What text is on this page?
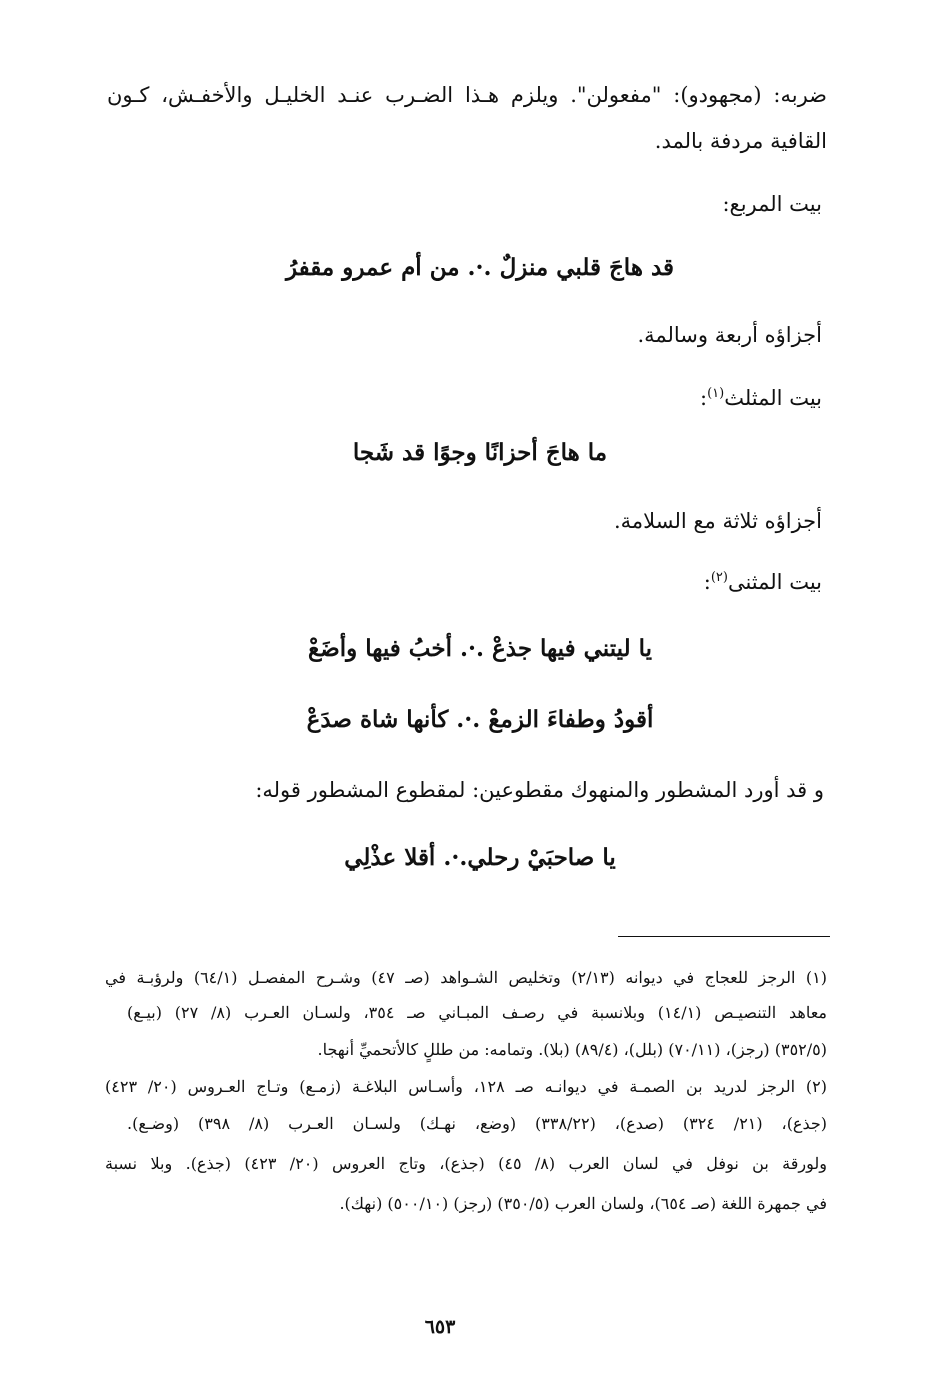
ضربه: (مجهودو): "مفعولن". ويلزم هـذا الضـرب عنـد الخليـل والأخفـش، كـون
القافية مردفة بالمد.
بيت المربع:
قد هاجَ قلبي منزلٌ .·. من أم عمرو مقفرُ
أجزاؤه أربعة وسالمة.
بيت المثلث$^{(١)}$:
ما هاجَ أحزانًا وجوًا قد شَجا
أجزاؤه ثلاثة مع السلامة.
بيت المثنى$^{(٢)}$:
يا ليتني فيها جذعْ .·. أخبُ فيها وأضَعْ
أقودُ وطفاءَ الزمعْ .·. كأنها شاة صدَعْ
و قد أورد المشطور والمنهوك مقطوعين: لمقطوع المشطور قوله:
يا صاحبَيْ رحلي.·. أقلا عذْلِي
(١) الرجز للعجاج في ديوانه (٢/١٣) وتخليص الشـواهد (صـ ٤٧) وشـرح المفصـل (٦٤/١) ولرؤبـة في
معاهد التنصيـص (١٤/١) وبلانسبة في رصـف المبـاني صـ ٣٥٤، ولسـان العـرب (٨/ ٢٧) (بيـع)
(٣٥٢/٥) (رجز)، (٧٠/١١) (بلل)، (٨٩/٤) (بلا). وتمامه: من طللٍ كالأتحميِّ أنهجا.
(٢) الرجز لدريد بن الصمـة في ديوانـه صـ ١٢٨، وأسـاس البلاغـة (زمـع) وتـاج العـروس (٢٠/ ٤٢٣)
(جذع)، (٢١/ ٣٢٤) (صدع)، (٣٣٨/٢٢) (وضع، نهـك) ولسـان العـرب (٨/ ٣٩٨) (وضـع).
ولورقة بن نوفل في لسان العرب (٨/ ٤٥) (جذع)، وتاج العروس (٢٠/ ٤٢٣) (جذع). وبلا نسبة
في جمهرة اللغة (صـ ٦٥٤)، ولسان العرب (٣٥٠/٥) (رجز) (٥٠٠/١٠) (نهك).
٦٥٣
